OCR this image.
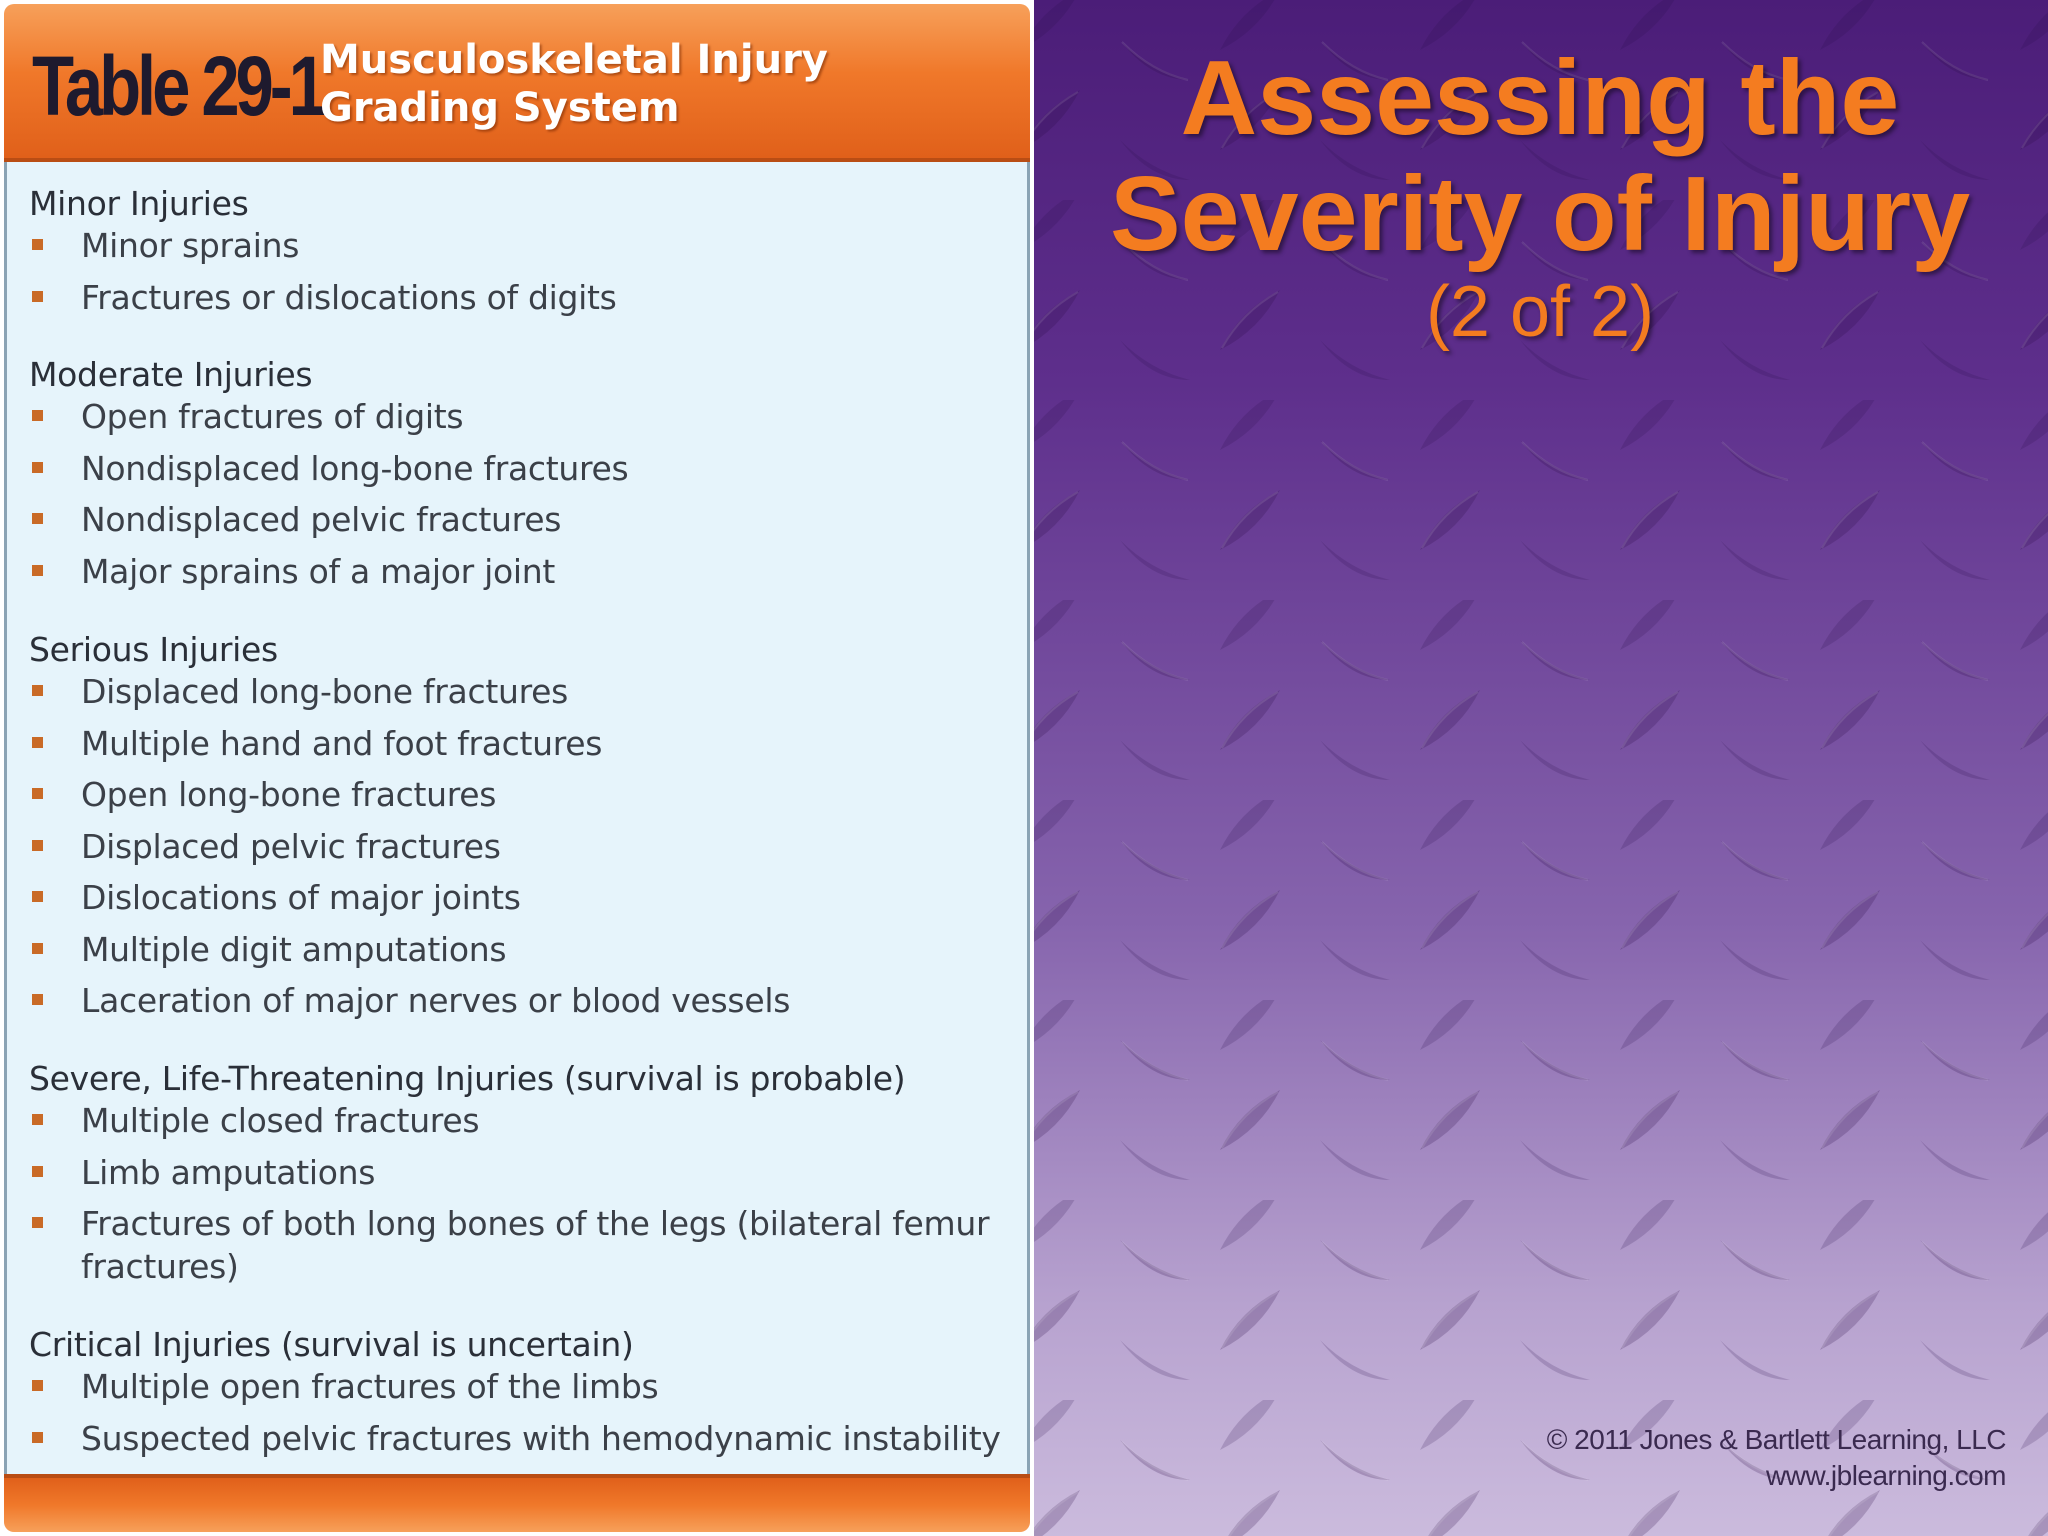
Assessing the
Severity of Injury
(2 of 2)
© 2011 Jones & Bartlett Learning, LLC
www.jblearning.com
Table 29-1
Musculoskeletal Injury Grading System
Minor Injuries
Minor sprains
Fractures or dislocations of digits
Moderate Injuries
Open fractures of digits
Nondisplaced long-bone fractures
Nondisplaced pelvic fractures
Major sprains of a major joint
Serious Injuries
Displaced long-bone fractures
Multiple hand and foot fractures
Open long-bone fractures
Displaced pelvic fractures
Dislocations of major joints
Multiple digit amputations
Laceration of major nerves or blood vessels
Severe, Life-Threatening Injuries (survival is probable)
Multiple closed fractures
Limb amputations
Fractures of both long bones of the legs (bilateral femur fractures)
Critical Injuries (survival is uncertain)
Multiple open fractures of the limbs
Suspected pelvic fractures with hemodynamic instability
